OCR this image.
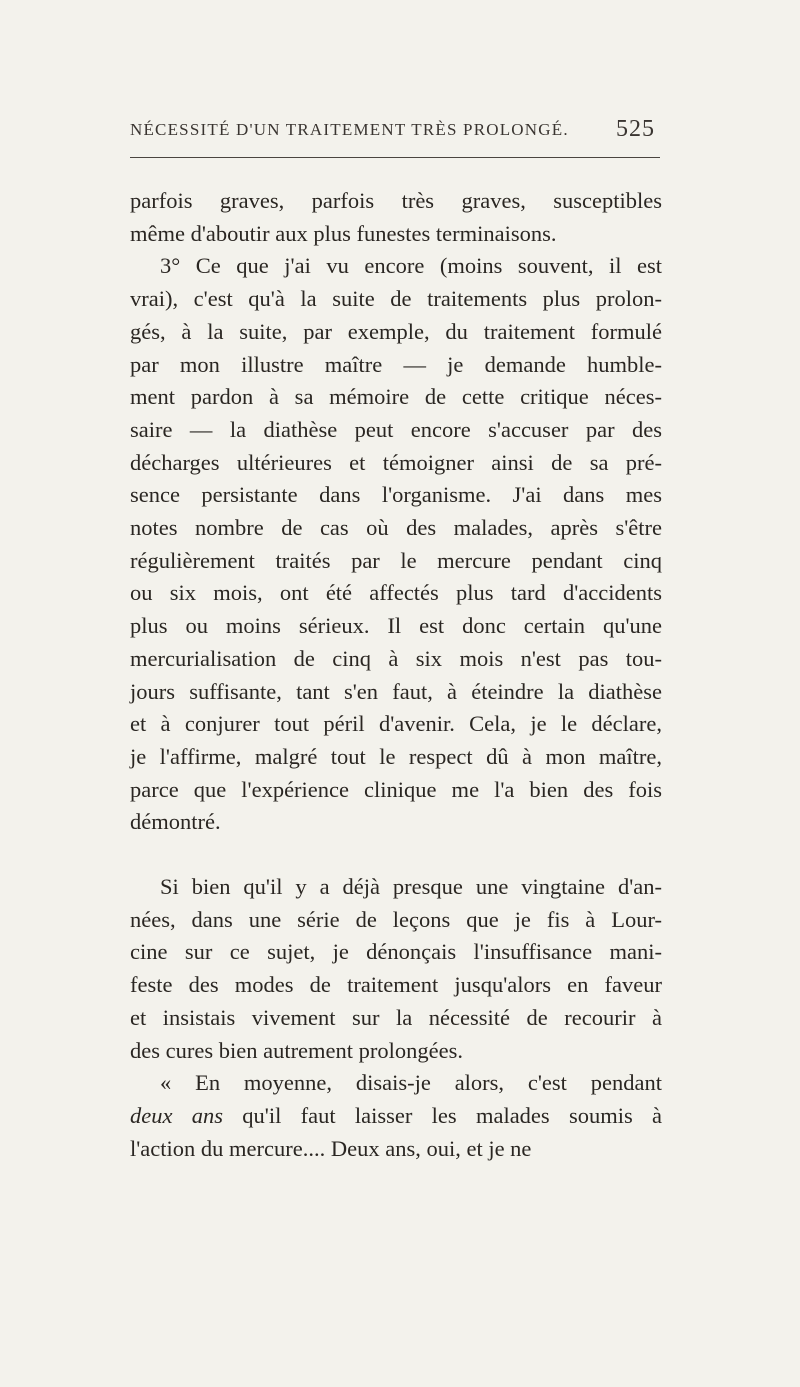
NÉCESSITÉ D'UN TRAITEMENT TRÈS PROLONGÉ. 525

parfois graves, parfois très graves, susceptibles
même d'aboutir aux plus funestes terminaisons.

3° Ce que j'ai vu encore (moins souvent, il est
vrai), c'est qu'à la suite de traitements plus prolon-
gés, à la suite, par exemple, du traitement formulé
par mon illustre maître — je demande humble-
ment pardon à sa mémoire de cette critique néces-
saire — la diathèse peut encore s'accuser par des
décharges ultérieures et témoigner ainsi de sa pré-
sence persistante dans l'organisme. J'ai dans mes
notes nombre de cas où des malades, après s'être
régulièrement traités par le mercure pendant cinq
ou six mois, ont été affectés plus tard d'accidents
plus ou moins sérieux. Il est donc certain qu'une
mercurialisation de cinq à six mois n'est pas tou-
jours suffisante, tant s'en faut, à éteindre la diathèse
et à conjurer tout péril d'avenir. Cela, je le déclare,
je l'affirme, malgré tout le respect dû à mon maître,
parce que l'expérience clinique me l'a bien des fois
démontré.

Si bien qu'il y a déjà presque une vingtaine d'an-
nées, dans une série de leçons que je fis à Lour-
cine sur ce sujet, je dénonçais l'insuffisance mani-
feste des modes de traitement jusqu'alors en faveur
et insistais vivement sur la nécessité de recourir à
des cures bien autrement prolongées.

« En moyenne, disais-je alors, c'est pendant
deux ans qu'il faut laisser les malades soumis à
l'action du mercure.... Deux ans, oui, et je ne
